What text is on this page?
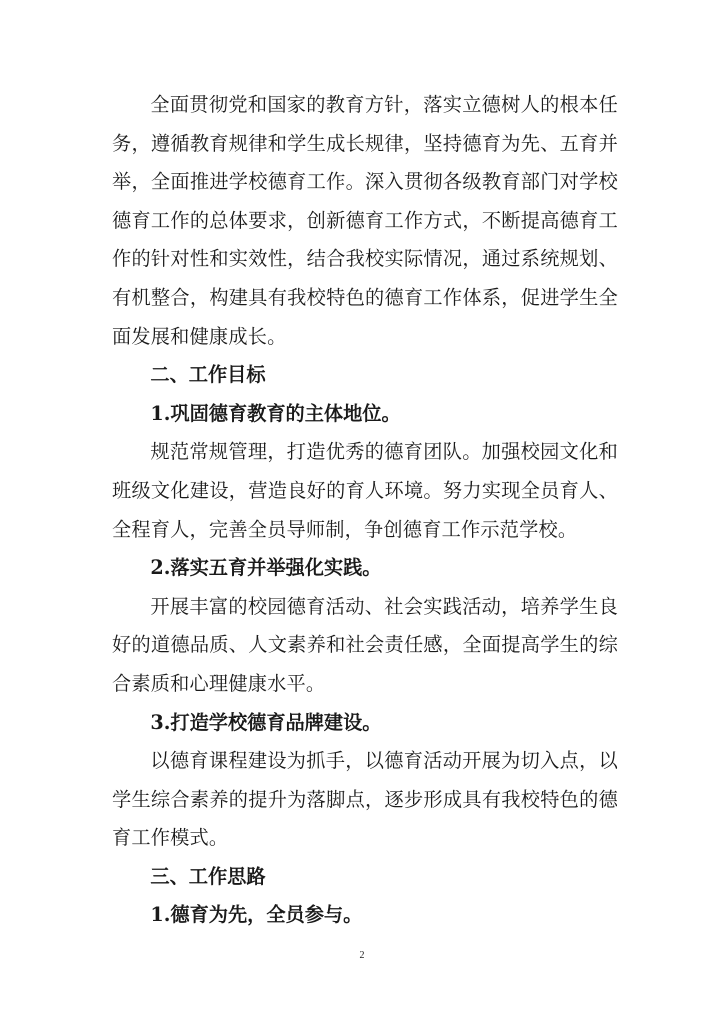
全面贯彻党和国家的教育方针，落实立德树人的根本任务，遵循教育规律和学生成长规律，坚持德育为先、五育并举，全面推进学校德育工作。深入贯彻各级教育部门对学校德育工作的总体要求，创新德育工作方式，不断提高德育工作的针对性和实效性，结合我校实际情况，通过系统规划、有机整合，构建具有我校特色的德育工作体系，促进学生全面发展和健康成长。

二、工作目标

1.巩固德育教育的主体地位。

规范常规管理，打造优秀的德育团队。加强校园文化和班级文化建设，营造良好的育人环境。努力实现全员育人、全程育人，完善全员导师制，争创德育工作示范学校。

2.落实五育并举强化实践。

开展丰富的校园德育活动、社会实践活动，培养学生良好的道德品质、人文素养和社会责任感，全面提高学生的综合素质和心理健康水平。

3.打造学校德育品牌建设。

以德育课程建设为抓手，以德育活动开展为切入点，以学生综合素养的提升为落脚点，逐步形成具有我校特色的德育工作模式。

三、工作思路

1.德育为先，全员参与。

2
